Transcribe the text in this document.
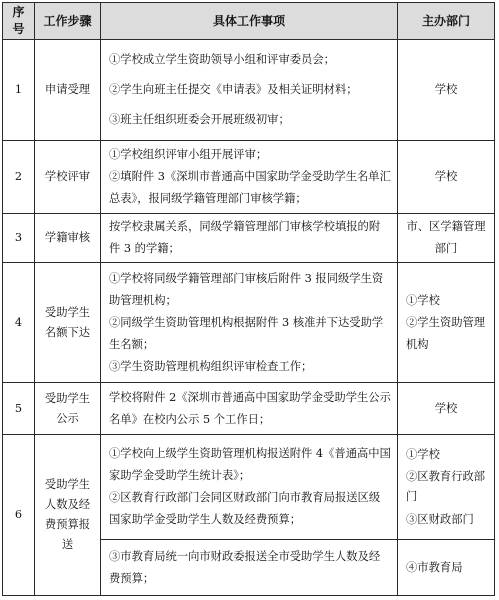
序号
工作步骤	具体工作事项	主办部门
1 申请受理
①学校成立学生资助领导小组和评审委员会；
②学生向班主任提交《申请表》及相关证明材料；
③班主任组织班委会开展班级初审；
学校
2 学校评审
①学校组织评审小组开展评审；
②填附件 3《深圳市普通高中国家助学金受助学生名单汇总表》，报同级学籍管理部门审核学籍；
学校
3 学籍审核
按学校隶属关系，同级学籍管理部门审核学校填报的附件 3 的学籍；
市、区学籍管理部门
4
受助学生名额下达
①学校将同级学籍管理部门审核后附件 3 报同级学生资助管理机构；
②同级学生资助管理机构根据附件 3 核准并下达受助学生名额；
③学生资助管理机构组织评审检查工作；
①学校
②学生资助管理机构
5
受助学生公示
学校将附件 2《深圳市普通高中国家助学金受助学生公示名单》在校内公示 5 个工作日；
学校
6
受助学生人数及经费预算报送
①学校向上级学生资助管理机构报送附件 4《普通高中国家助学金受助学生统计表》；
②区教育行政部门会同区财政部门向市教育局报送区级国家助学金受助学生人数及经费预算；
①学校
②区教育行政部门
③区财政部门
③市教育局统一向市财政委报送全市受助学生人数及经费预算；
④市教育局
